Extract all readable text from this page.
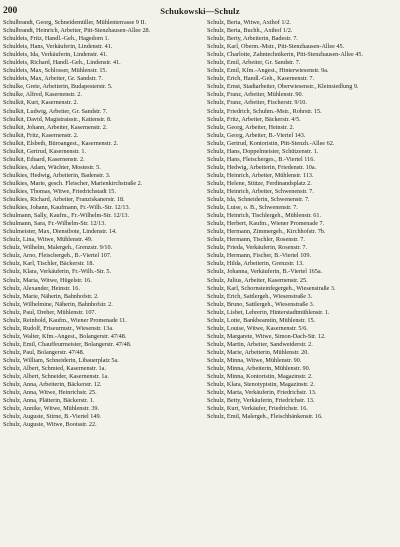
200	Schukowski—Schulz
Schulbrandt, Georg, Schneidemüller, Mühlenterrasse 9 II.
Schulbrandt, Heinrich, Arbeiter, Pitt-Stenzhausen-Allee 28.
Schuldeis, Fritz, Handl.-Geh., Hagedorn 1.
Schuldeis, Hans, Verkäuferin, Lindenstr. 41.
Schuldeis, Ida, Verkäuferin, Lindenstr. 41.
Schuldeis, Richard, Handl.-Geh., Lindenstr. 41.
Schuldeis, Max, Schlosser, Mühlenstr. 15.
Schuldeis, Max, Arbeiter, Gr. Sandstr. 7.
Schulke, Grete, Arbeiterin, Budapesterstr. 5.
Schulke, Alfred, Kasernenstr. 2.
Schulkit, Kurt, Kasernenstr. 2.
Schulkit, Ludwig, Arbeiter, Gr. Sandstr. 7.
Schulkit, David, Magistratsstr., Kattenstr. 8.
Schulkit, Johann, Arbeiter, Kasernenstr. 2.
Schulkit, Fritz, Kasernenstr. 2.
Schulkit, Elsbeth, Büroangest., Kasernenstr. 2.
Schulkit, Gertrud, Kasernenstr. 1.
Schulkit, Eduard, Kasernenstr. 2.
Schulkies, Adam, Wächter, Mostestr. 5.
Schulkies, Hedwig, Arbeiterin, Badenstr. 3.
Schulkies, Marie, gesch. Fleischer, Marienkirchstraße 2.
Schulkies, Thomas, Witwe, Friedrichstadt 15.
Schulkies, Richard, Arbeiter, Franziskanerstr. 18.
Schulkies, Johann, Kaufmann, Fr.-Wilh.-Str. 12/13.
Schulmann, Sally, Kaufm., Fr.-Wilhelm-Str. 12/13.
Schulmann, Sara, Fr.-Wilhelm-Str. 12/13.
Schulmeister, Max, Dienstbote, Lindenstr. 14.
Schulz, Lina, Witwe, Mühlenstr. 49.
Schulz, Wilhelm, Malergeh., Grenzstr. 9/10.
Schulz, Arno, Fleischergeh., B.-Viertel 107.
Schulz, Karl, Tischler, Bäckerstr. 18.
Schulz, Klara, Verkäuferin, Fr.-Wilh.-Str. 5.
Schulz, Maria, Witwe, Hügelstr. 16.
Schulz, Alexander, Heinstr. 16.
Schulz, Marie, Näherin, Bahnhofstr. 2.
Schulz, Wilhelmine, Näherin, Bahnhofstr. 2.
Schulz, Paul, Dreher, Mühlenstr. 107.
Schulz, Reinhold, Kaufm., Wiener Promenade 11.
Schulz, Rudolf, Friseurmstr., Wiesenstr. 13a.
Schulz, Walter, Kfm.-Angest., Bolangerstr. 47/48.
Schulz, Emil, Chauffeurmeister, Bolangerstr. 47/48.
Schulz, Paul, Bolangerstr. 47/48.
Schulz, William, Schneiderin, Libauerplatz 5a.
Schulz, Albert, Schmied, Kasernenstr. 1a.
Schulz, Albert, Schneider, Kasernenstr. 1a.
Schulz, Anna, Arbeiterin, Bäckerstr. 12.
Schulz, Anna, Witwe, Heinrichstr. 25.
Schulz, Anna, Plätterin, Bäckerstr. 1.
Schulz, Annike, Witwe, Mühlenstr. 39.
Schulz, Auguste, Stirne, B.-Viertel 149.
Schulz, Auguste, Witwe, Bootsstr. 22.
Schulz, Berta, Witwe, Axthof 1/2.
Schulz, Berta, Buchh., Axthof 1/2.
Schulz, Berty, Arbeiterin, Badestr. 7.
Schulz, Karl, Oberm.-Mstr., Pitt-Stenzhausen-Allee 45.
Schulz, Charlotte, Zahntechnikerin, Pitt-Stenzhausen-Allee 45.
Schulz, Emil, Arbeiter, Gr. Sandstr. 7.
Schulz, Emil, Kfm.-Angest., Hinterwiesenstr. 9a.
Schulz, Erich, Handl.-Geh., Kasernenstr. 7.
Schulz, Ernst, Stadtarbeiter, Oberwiesenstr., Kleinsiedlung 9.
Schulz, Franz, Arbeiter, Mühlenstr. 90.
Schulz, Franz, Arbeiter, Fischerstr. 9/10.
Schulz, Friedrich, Schuhm.-Mstr., Rohrstr. 15.
Schulz, Fritz, Arbeiter, Bäckerstr. 4/5.
Schulz, Georg, Arbeiter, Heinstr. 2.
Schulz, Georg, Arbeiter, B.-Viertel 143.
Schulz, Gertrud, Kontoristin, Pitt-Stenzh.-Allee 62.
Schulz, Hans, Doppelmeister, Schützenstr. 1.
Schulz, Hans, Fleischerges., B.-Viertel 116.
Schulz, Hedwig, Arbeiterin, Friedenstr. 10a.
Schulz, Heinrich, Arbeiter, Mühlenstr. 113.
Schulz, Helene, Stütze, Ferdinandsplatz 2.
Schulz, Heinrich, Arbeiter, Schwenenstr. 7.
Schulz, Ida, Schneiderin, Schwenenstr. 7.
Schulz, Luise, o. B., Schwenenstr. 7.
Schulz, Heinrich, Tischlergeh., Mühlenstr. 61.
Schulz, Herbert, Kaufm., Wiener Promenade 7.
Schulz, Hermann, Zimmergeh., Kirchhofstr. 7b.
Schulz, Hermann, Tischler, Rosenstr. 7.
Schulz, Frieda, Verkäuferin, Rosenstr. 7.
Schulz, Hermann, Fischer, B.-Viertel 109.
Schulz, Hilda, Arbeiterin, Grenzstr. 13.
Schulz, Johanna, Verkäuferin, B.-Viertel 165a.
Schulz, Julius, Arbeiter, Kasernenstr. 25.
Schulz, Karl, Schornsteinfegergeh., Wiesenstraße 3.
Schulz, Erich, Sattlergeh., Wiesenstraße 3.
Schulz, Bruno, Sattlergeh., Wiesenstraße 3.
Schulz, Lisbet, Lehrerin, Hinterstadtmühlenstr. 1.
Schulz, Lotte, Bankbeamtin, Mühlenstr. 15.
Schulz, Louise, Witwe, Kasernenstr. 5/6.
Schulz, Margarete, Witwe, Simon-Dach-Str. 12.
Schulz, Martin, Arbeiter, Sandweiderstr. 2.
Schulz, Marie, Arbeiterin, Mühlenstr. 20.
Schulz, Minna, Witwe, Mühlenstr. 90.
Schulz, Minna, Arbeiterin, Mühlenstr. 90.
Schulz, Minna, Kontoristin, Magazinstr. 2.
Schulz, Klara, Stenotypistin, Magazinstr. 2.
Schulz, Marta, Verkäuferin, Friedrichstr. 13.
Schulz, Betty, Verkäuferin, Friedrichstr. 13.
Schulz, Kurt, Verkäufer, Friedrichstr. 16.
Schulz, Emil, Malergeh., Fleischbänkenstr. 16.
